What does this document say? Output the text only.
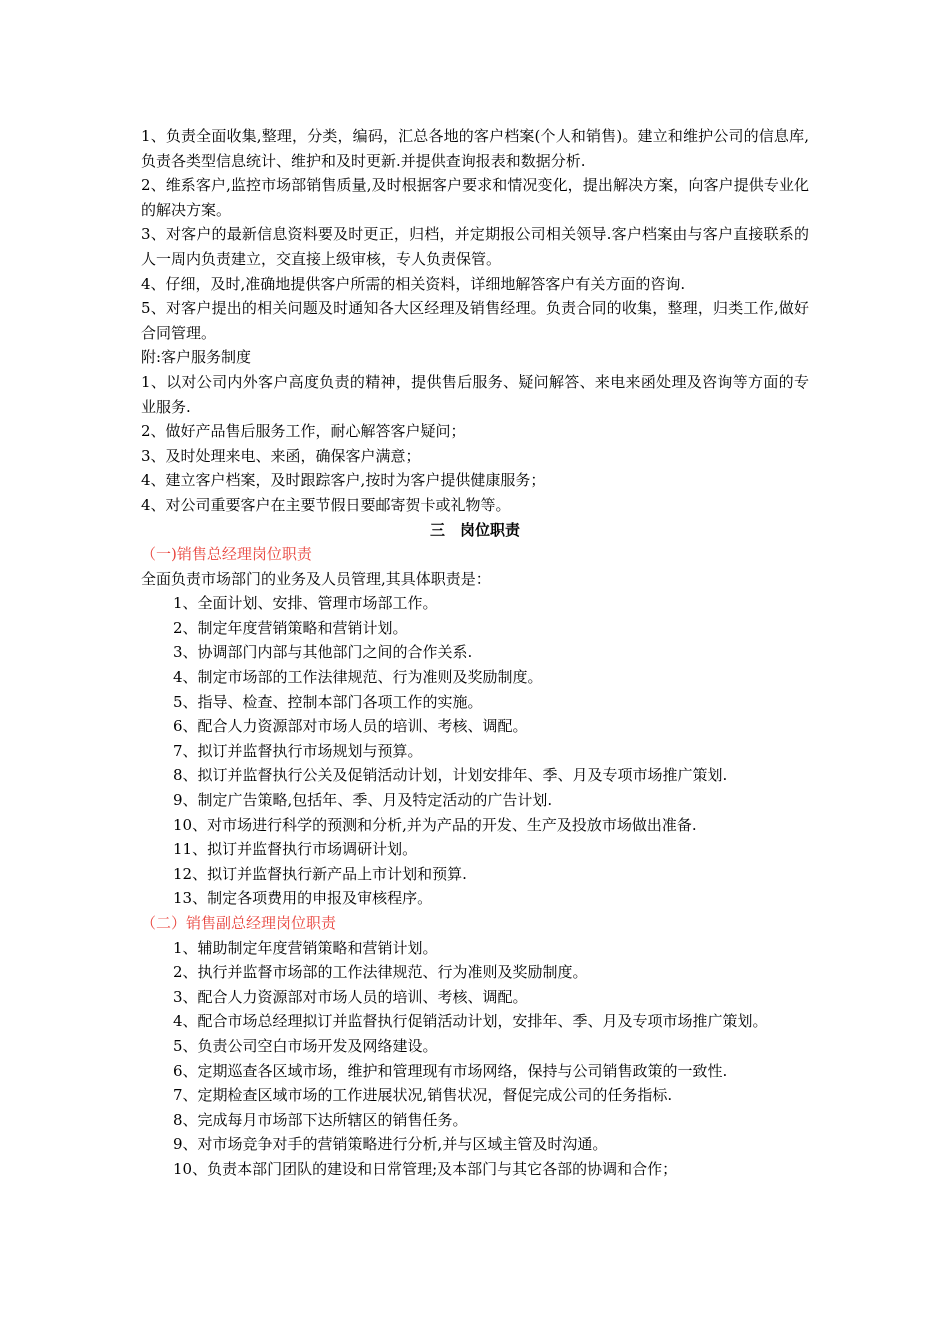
1、负责全面收集,整理，分类，编码，汇总各地的客户档案(个人和销售)。建立和维护公司的信息库,负责各类型信息统计、维护和及时更新.并提供查询报表和数据分析.
2、维系客户,监控市场部销售质量,及时根据客户要求和情况变化，提出解决方案，向客户提供专业化的解决方案。
3、对客户的最新信息资料要及时更正，归档，并定期报公司相关领导.客户档案由与客户直接联系的人一周内负责建立，交直接上级审核，专人负责保管。
4、仔细，及时,准确地提供客户所需的相关资料，详细地解答客户有关方面的咨询.
5、对客户提出的相关问题及时通知各大区经理及销售经理。负责合同的收集，整理，归类工作,做好合同管理。
附:客户服务制度
1、以对公司内外客户高度负责的精神，提供售后服务、疑问解答、来电来函处理及咨询等方面的专业服务.
2、做好产品售后服务工作，耐心解答客户疑问；
3、及时处理来电、来函，确保客户满意；
4、建立客户档案，及时跟踪客户,按时为客户提供健康服务；
4、对公司重要客户在主要节假日要邮寄贺卡或礼物等。
三　岗位职责
（一)销售总经理岗位职责
全面负责市场部门的业务及人员管理,其具体职责是：
1、全面计划、安排、管理市场部工作。
2、制定年度营销策略和营销计划。
3、协调部门内部与其他部门之间的合作关系.
4、制定市场部的工作法律规范、行为准则及奖励制度。
5、指导、检查、控制本部门各项工作的实施。
6、配合人力资源部对市场人员的培训、考核、调配。
7、拟订并监督执行市场规划与预算。
8、拟订并监督执行公关及促销活动计划，计划安排年、季、月及专项市场推广策划.
9、制定广告策略,包括年、季、月及特定活动的广告计划.
10、对市场进行科学的预测和分析,并为产品的开发、生产及投放市场做出准备.
11、拟订并监督执行市场调研计划。
12、拟订并监督执行新产品上市计划和预算.
13、制定各项费用的申报及审核程序。
（二）销售副总经理岗位职责
1、辅助制定年度营销策略和营销计划。
2、执行并监督市场部的工作法律规范、行为准则及奖励制度。
3、配合人力资源部对市场人员的培训、考核、调配。
4、配合市场总经理拟订并监督执行促销活动计划，安排年、季、月及专项市场推广策划。
5、负责公司空白市场开发及网络建设。
6、定期巡查各区域市场，维护和管理现有市场网络，保持与公司销售政策的一致性.
7、定期检查区域市场的工作进展状况,销售状况，督促完成公司的任务指标.
8、完成每月市场部下达所辖区的销售任务。
9、对市场竞争对手的营销策略进行分析,并与区域主管及时沟通。
10、负责本部门团队的建设和日常管理;及本部门与其它各部的协调和合作；
